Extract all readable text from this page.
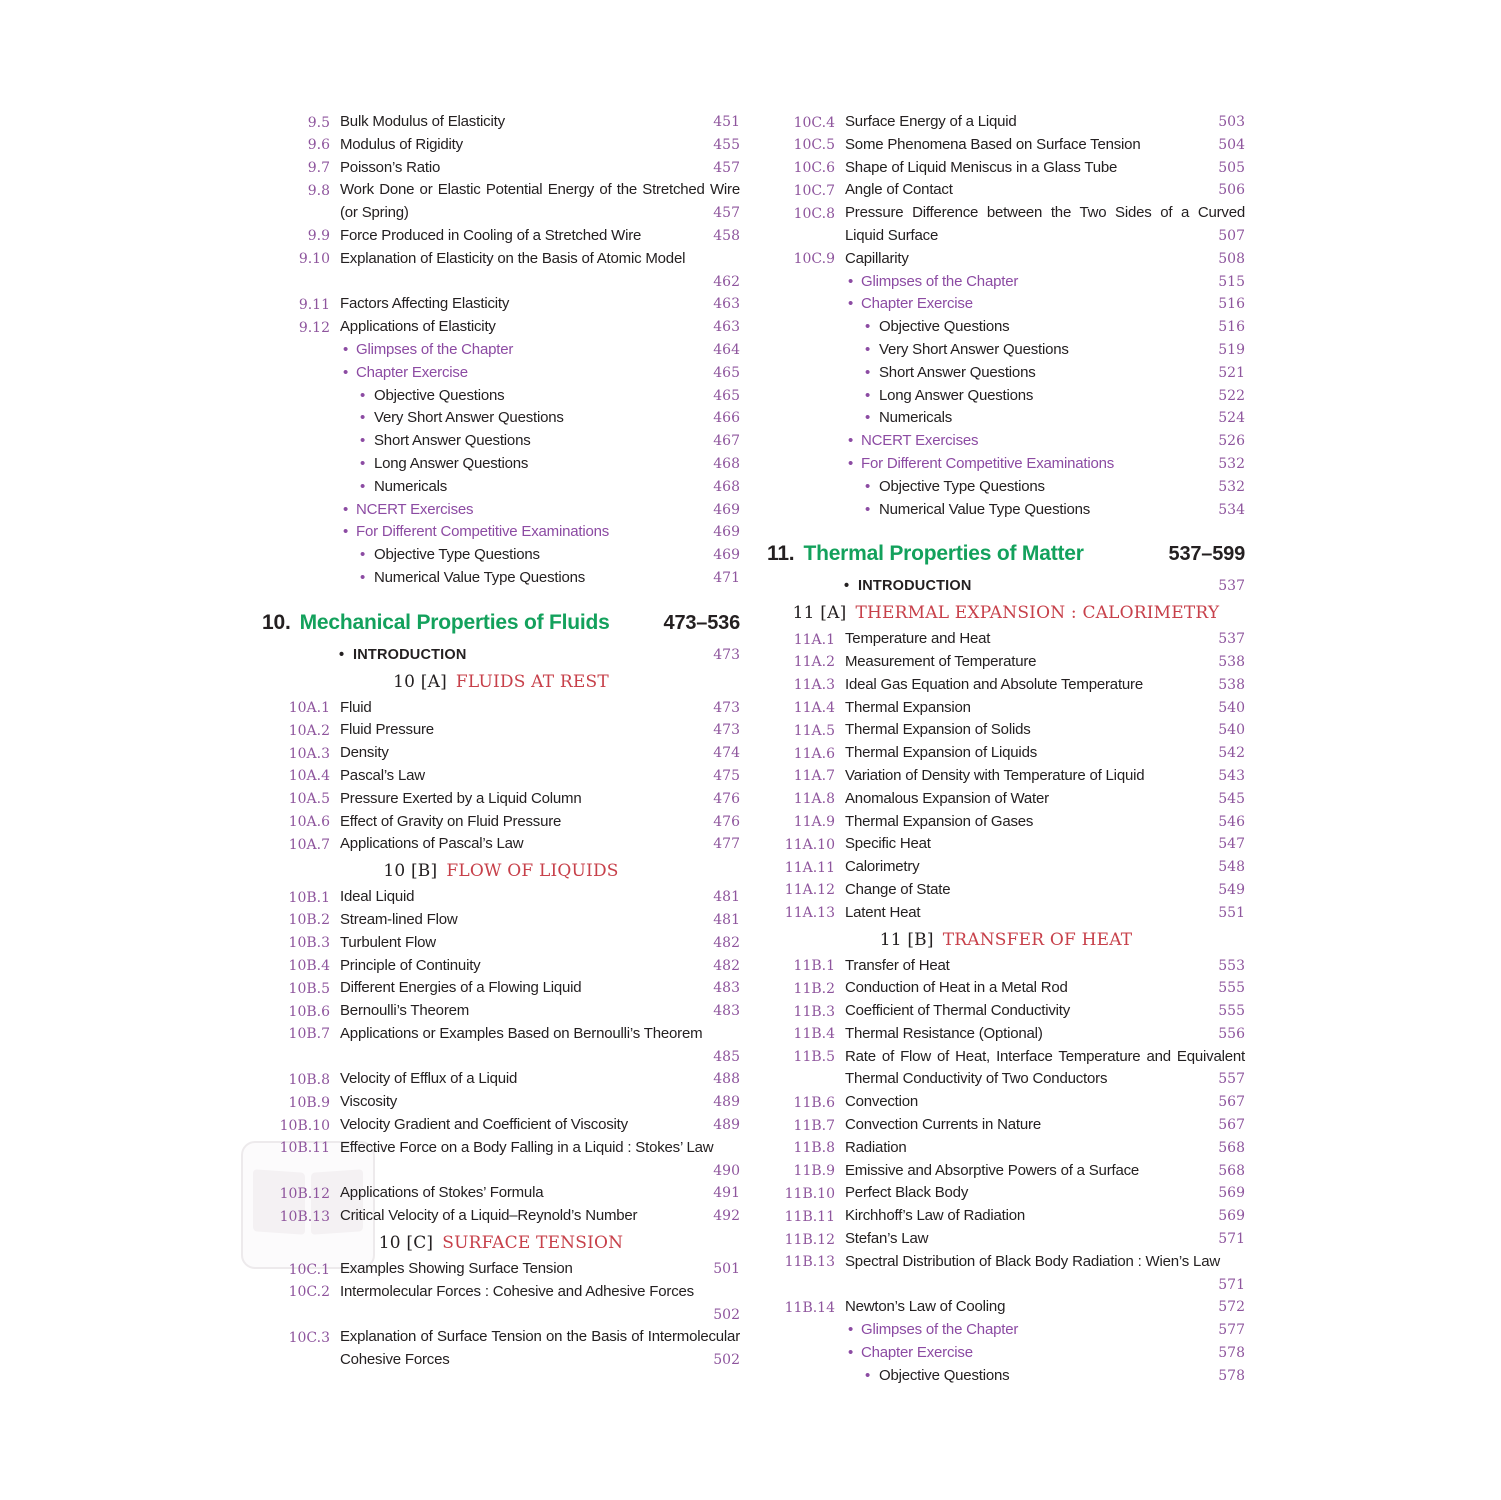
9.5 Bulk Modulus of Elasticity	451
9.6 Modulus of Rigidity	455
9.7 Poisson’s Ratio	457
9.8 Work Done or Elastic Potential Energy of the Stretched Wire (or Spring)	457
9.9 Force Produced in Cooling of a Stretched Wire	458
9.10 Explanation of Elasticity on the Basis of Atomic Model
462
9.11 Factors Affecting Elasticity	463
9.12 Applications of Elasticity	463
• Glimpses of the Chapter	464
• Chapter Exercise	465
• Objective Questions	465
• Very Short Answer Questions	466
• Short Answer Questions	467
• Long Answer Questions	468
• Numericals	468
• NCERT Exercises	469
• For Different Competitive Examinations	469
• Objective Type Questions	469
• Numerical Value Type Questions	471
10. Mechanical Properties of Fluids	473–536
• INTRODUCTION	473
10 [A] FLUIDS AT REST
10A.1 Fluid	473
10A.2 Fluid Pressure	473
10A.3 Density	474
10A.4 Pascal’s Law	475
10A.5 Pressure Exerted by a Liquid Column	476
10A.6 Effect of Gravity on Fluid Pressure	476
10A.7 Applications of Pascal’s Law	477
10 [B] FLOW OF LIQUIDS
10B.1 Ideal Liquid	481
10B.2 Stream-lined Flow	481
10B.3 Turbulent Flow	482
10B.4 Principle of Continuity	482
10B.5 Different Energies of a Flowing Liquid	483
10B.6 Bernoulli’s Theorem	483
10B.7 Applications or Examples Based on Bernoulli’s Theorem
485
10B.8 Velocity of Efflux of a Liquid	488
10B.9 Viscosity	489
10B.10 Velocity Gradient and Coefficient of Viscosity	489
10B.11 Effective Force on a Body Falling in a Liquid : Stokes’ Law
490
10B.12 Applications of Stokes’ Formula	491
10B.13 Critical Velocity of a Liquid–Reynold’s Number	492
10 [C] SURFACE TENSION
10C.1 Examples Showing Surface Tension	501
10C.2 Intermolecular Forces : Cohesive and Adhesive Forces
502
10C.3 Explanation of Surface Tension on the Basis of Intermolecular Cohesive Forces	502
10C.4 Surface Energy of a Liquid	503
10C.5 Some Phenomena Based on Surface Tension	504
10C.6 Shape of Liquid Meniscus in a Glass Tube	505
10C.7 Angle of Contact	506
10C.8 Pressure Difference between the Two Sides of a Curved Liquid Surface	507
10C.9 Capillarity	508
• Glimpses of the Chapter	515
• Chapter Exercise	516
• Objective Questions	516
• Very Short Answer Questions	519
• Short Answer Questions	521
• Long Answer Questions	522
• Numericals	524
• NCERT Exercises	526
• For Different Competitive Examinations	532
• Objective Type Questions	532
• Numerical Value Type Questions	534
11. Thermal Properties of Matter	537–599
• INTRODUCTION	537
11 [A] THERMAL EXPANSION : CALORIMETRY
11A.1 Temperature and Heat	537
11A.2 Measurement of Temperature	538
11A.3 Ideal Gas Equation and Absolute Temperature	538
11A.4 Thermal Expansion	540
11A.5 Thermal Expansion of Solids	540
11A.6 Thermal Expansion of Liquids	542
11A.7 Variation of Density with Temperature of Liquid	543
11A.8 Anomalous Expansion of Water	545
11A.9 Thermal Expansion of Gases	546
11A.10 Specific Heat	547
11A.11 Calorimetry	548
11A.12 Change of State	549
11A.13 Latent Heat	551
11 [B] TRANSFER OF HEAT
11B.1 Transfer of Heat	553
11B.2 Conduction of Heat in a Metal Rod	555
11B.3 Coefficient of Thermal Conductivity	555
11B.4 Thermal Resistance (Optional)	556
11B.5 Rate of Flow of Heat, Interface Temperature and Equivalent Thermal Conductivity of Two Conductors	557
11B.6 Convection	567
11B.7 Convection Currents in Nature	567
11B.8 Radiation	568
11B.9 Emissive and Absorptive Powers of a Surface	568
11B.10 Perfect Black Body	569
11B.11 Kirchhoff’s Law of Radiation	569
11B.12 Stefan’s Law	571
11B.13 Spectral Distribution of Black Body Radiation : Wien’s Law
571
11B.14 Newton’s Law of Cooling	572
• Glimpses of the Chapter	577
• Chapter Exercise	578
• Objective Questions	578
